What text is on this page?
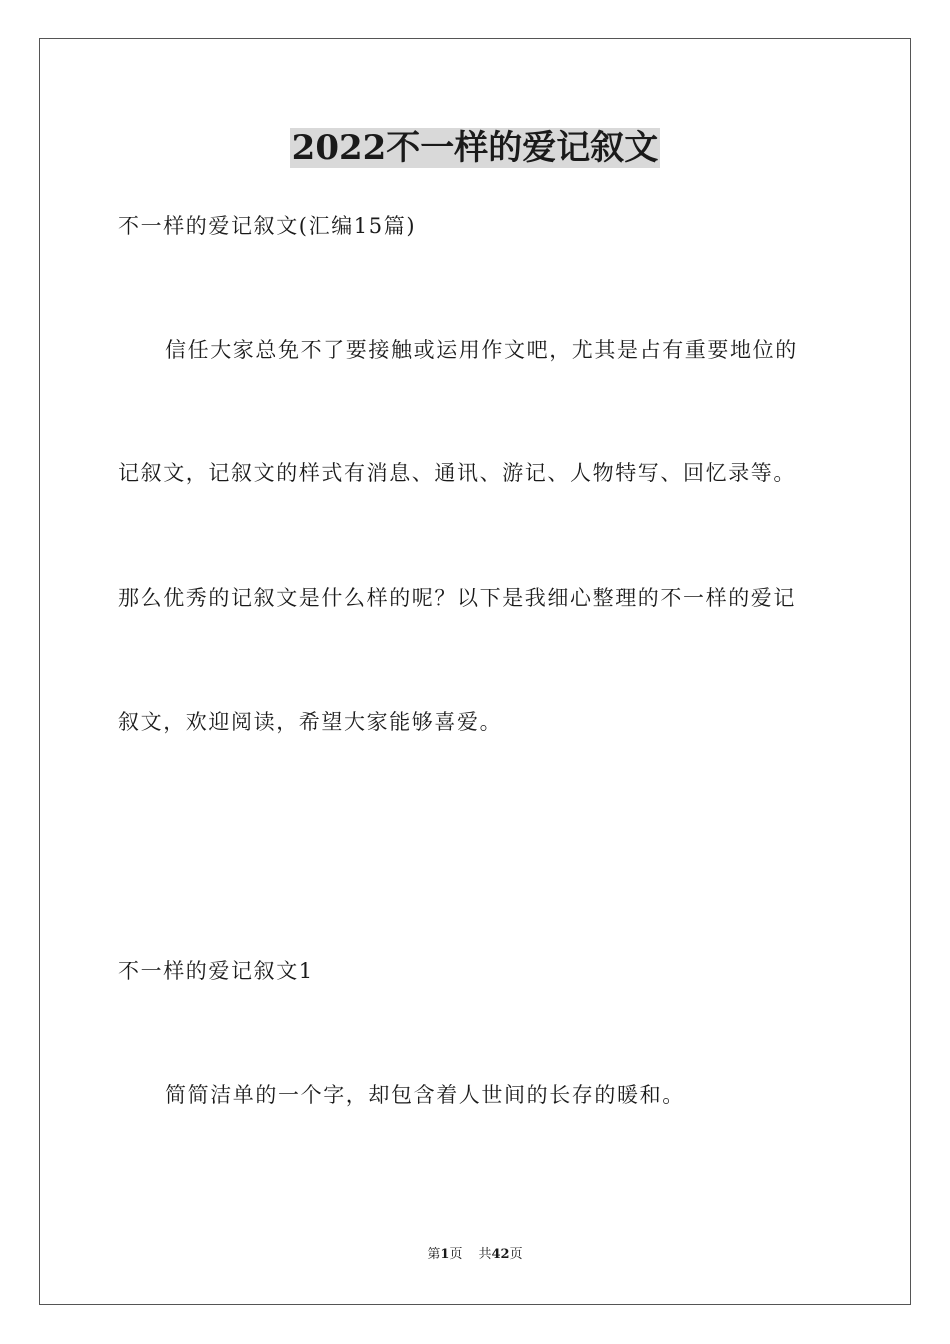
2022不一样的爱记叙文
不一样的爱记叙文(汇编15篇)
信任大家总免不了要接触或运用作文吧，尤其是占有重要地位的
记叙文，记叙文的样式有消息、通讯、游记、人物特写、回忆录等。
那么优秀的记叙文是什么样的呢？以下是我细心整理的不一样的爱记
叙文，欢迎阅读，希望大家能够喜爱。
不一样的爱记叙文1
简简洁单的一个字，却包含着人世间的长存的暖和。
第1页 共42页
